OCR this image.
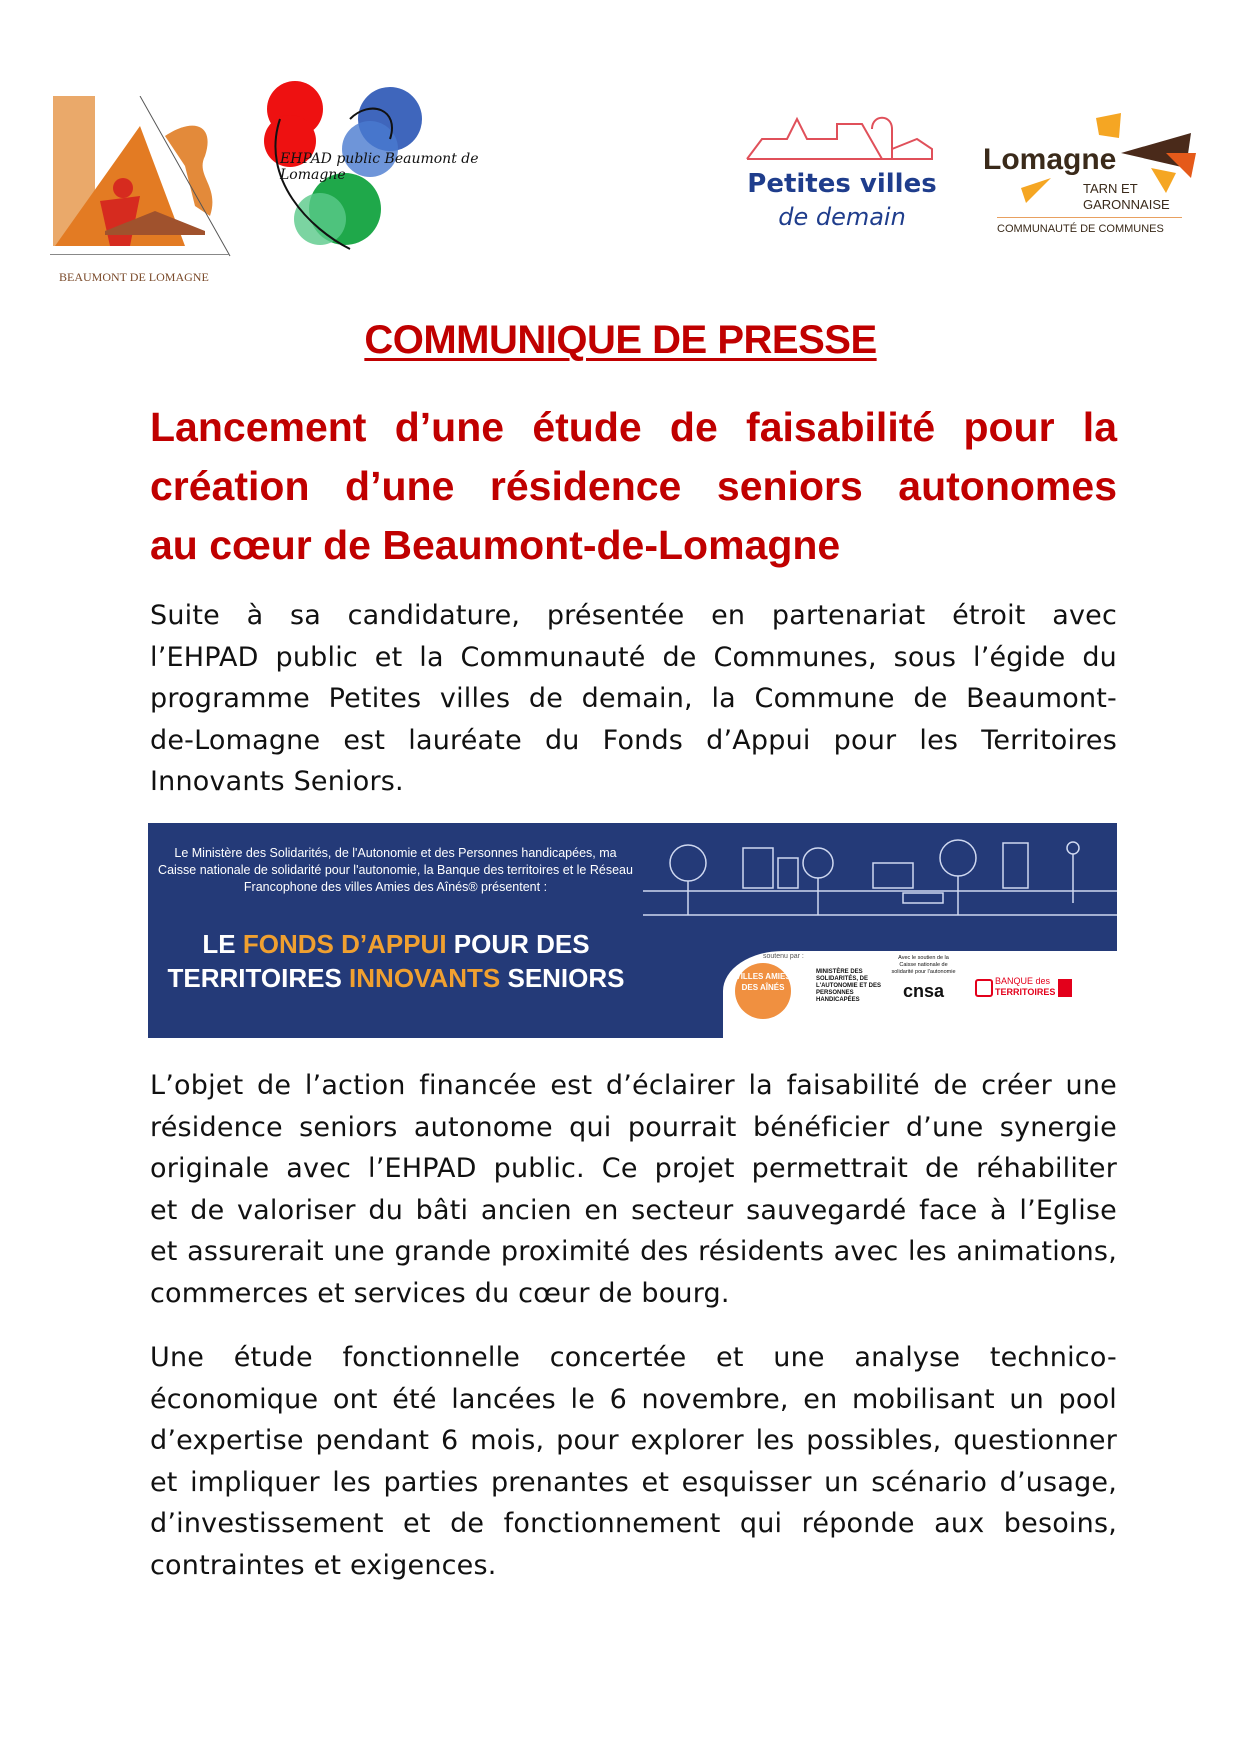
BEAUMONT DE LOMAGNE
EHPAD public Beaumont de Lomagne	Petites villes
de demain
Lomagne
TARN ET
GARONNAISE
COMMUNAUTÉ DE COMMUNES
COMMUNIQUE DE PRESSE
Lancement d’une étude de faisabilité pour la
création d’une résidence seniors autonomes
au cœur de Beaumont-de-Lomagne
Suite à sa candidature, présentée en partenariat étroit avec
l’EHPAD public et la Communauté de Communes, sous l’égide du
programme Petites villes de demain, la Commune de Beaumont-
de-Lomagne est lauréate du Fonds d’Appui pour les Territoires
Innovants Seniors.
Le Ministère des Solidarités, de l'Autonomie et des Personnes handicapées, ma Caisse nationale de solidarité pour l'autonomie, la Banque des territoires et le Réseau Francophone des villes Amies des Aînés® présentent :
LE FONDS D’APPUI POUR DES
TERRITOIRES INNOVANTS SENIORS
soutenu par :
VILLES AMIES DES AÎNÉS
MINISTÈRE DES SOLIDARITÉS, DE L'AUTONOMIE ET DES PERSONNES HANDICAPÉES
Avec le soutien de la Caisse nationale de solidarité pour l'autonomie
cnsa	BANQUE des
TERRITOIRES
L’objet de l’action financée est d’éclairer la faisabilité de créer une
résidence seniors autonome qui pourrait bénéficier d’une synergie
originale avec l’EHPAD public. Ce projet permettrait de réhabiliter
et de valoriser du bâti ancien en secteur sauvegardé face à l’Eglise
et assurerait une grande proximité des résidents avec les animations,
commerces et services du cœur de bourg.
Une étude fonctionnelle concertée et une analyse technico-
économique ont été lancées le 6 novembre, en mobilisant un pool
d’expertise pendant 6 mois, pour explorer les possibles, questionner
et impliquer les parties prenantes et esquisser un scénario d’usage,
d’investissement et de fonctionnement qui réponde aux besoins,
contraintes et exigences.
